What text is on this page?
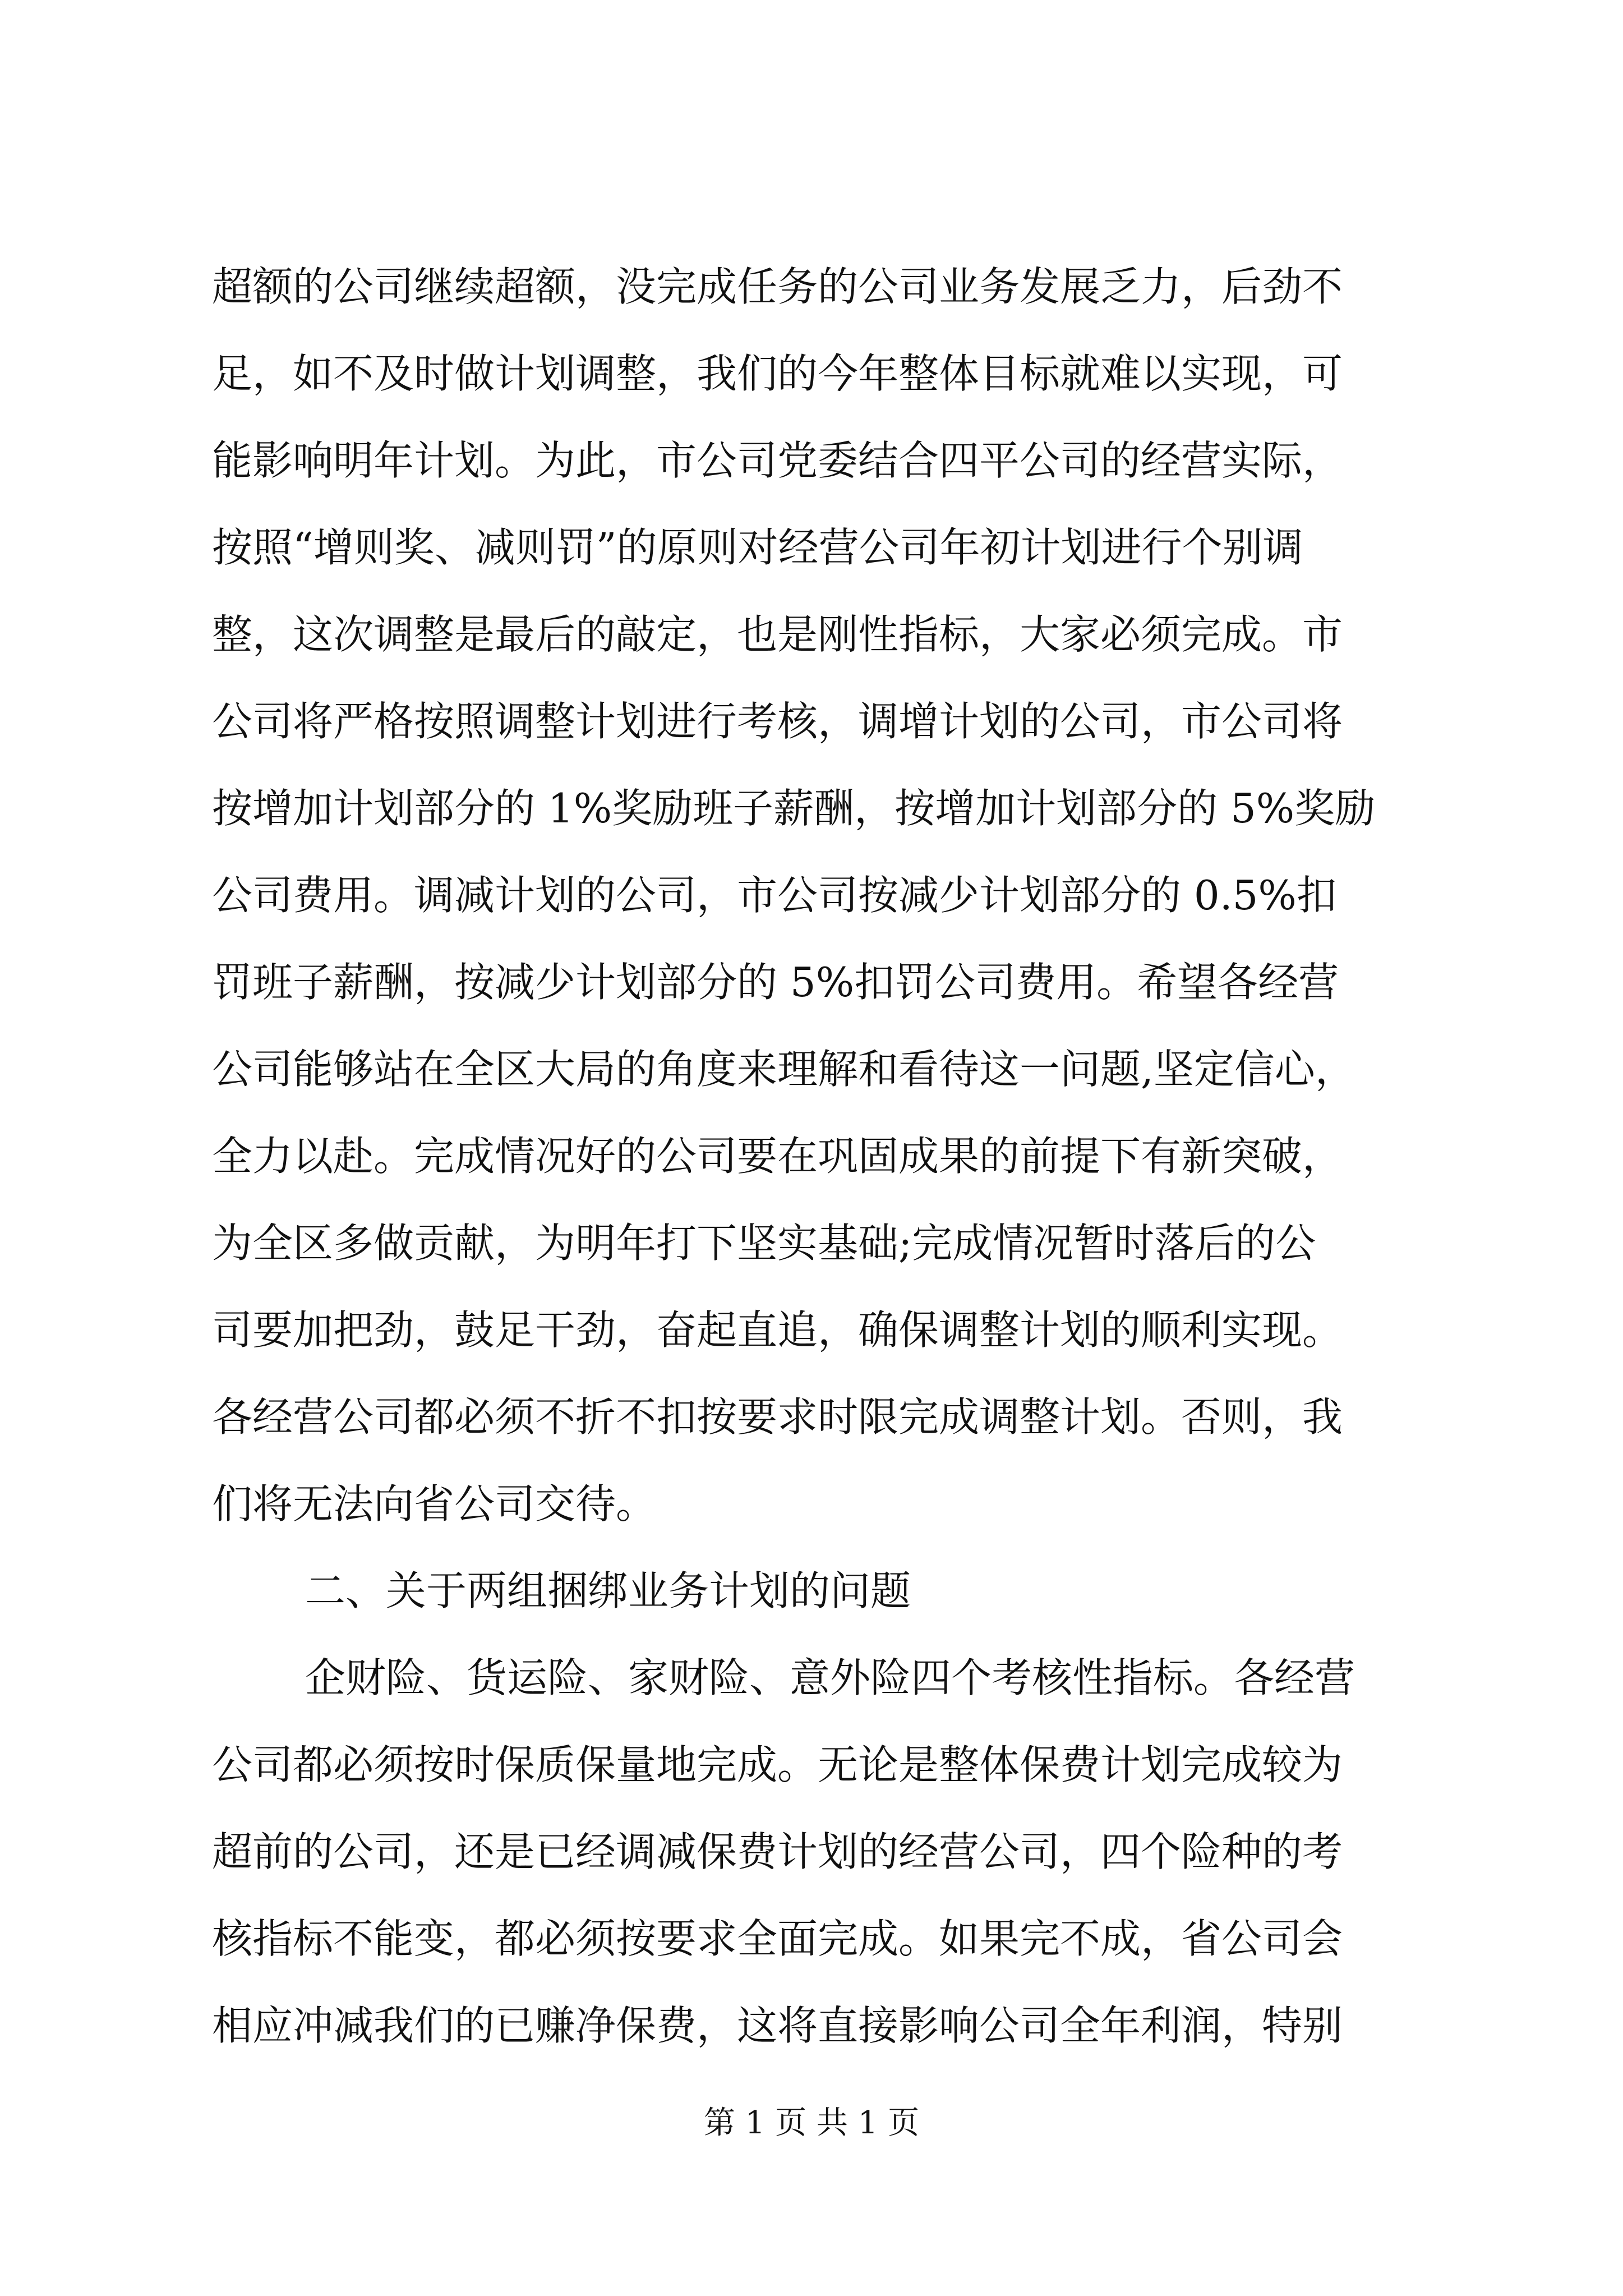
超额的公司继续超额，没完成任务的公司业务发展乏力，后劲不
足，如不及时做计划调整，我们的今年整体目标就难以实现，可
能影响明年计划。为此，市公司党委结合四平公司的经营实际，
按照“增则奖、减则罚”的原则对经营公司年初计划进行个别调
整，这次调整是最后的敲定，也是刚性指标，大家必须完成。市
公司将严格按照调整计划进行考核，调增计划的公司，市公司将
按增加计划部分的 1%奖励班子薪酬，按增加计划部分的 5%奖励
公司费用。调减计划的公司，市公司按减少计划部分的 0.5%扣
罚班子薪酬，按减少计划部分的 5%扣罚公司费用。希望各经营
公司能够站在全区大局的角度来理解和看待这一问题,坚定信心，
全力以赴。完成情况好的公司要在巩固成果的前提下有新突破，
为全区多做贡献，为明年打下坚实基础;完成情况暂时落后的公
司要加把劲，鼓足干劲，奋起直追，确保调整计划的顺利实现。
各经营公司都必须不折不扣按要求时限完成调整计划。否则，我
们将无法向省公司交待。
二、关于两组捆绑业务计划的问题
企财险、货运险、家财险、意外险四个考核性指标。各经营
公司都必须按时保质保量地完成。无论是整体保费计划完成较为
超前的公司，还是已经调减保费计划的经营公司，四个险种的考
核指标不能变，都必须按要求全面完成。如果完不成，省公司会
相应冲减我们的已赚净保费，这将直接影响公司全年利润，特别
第 1 页 共 1 页
